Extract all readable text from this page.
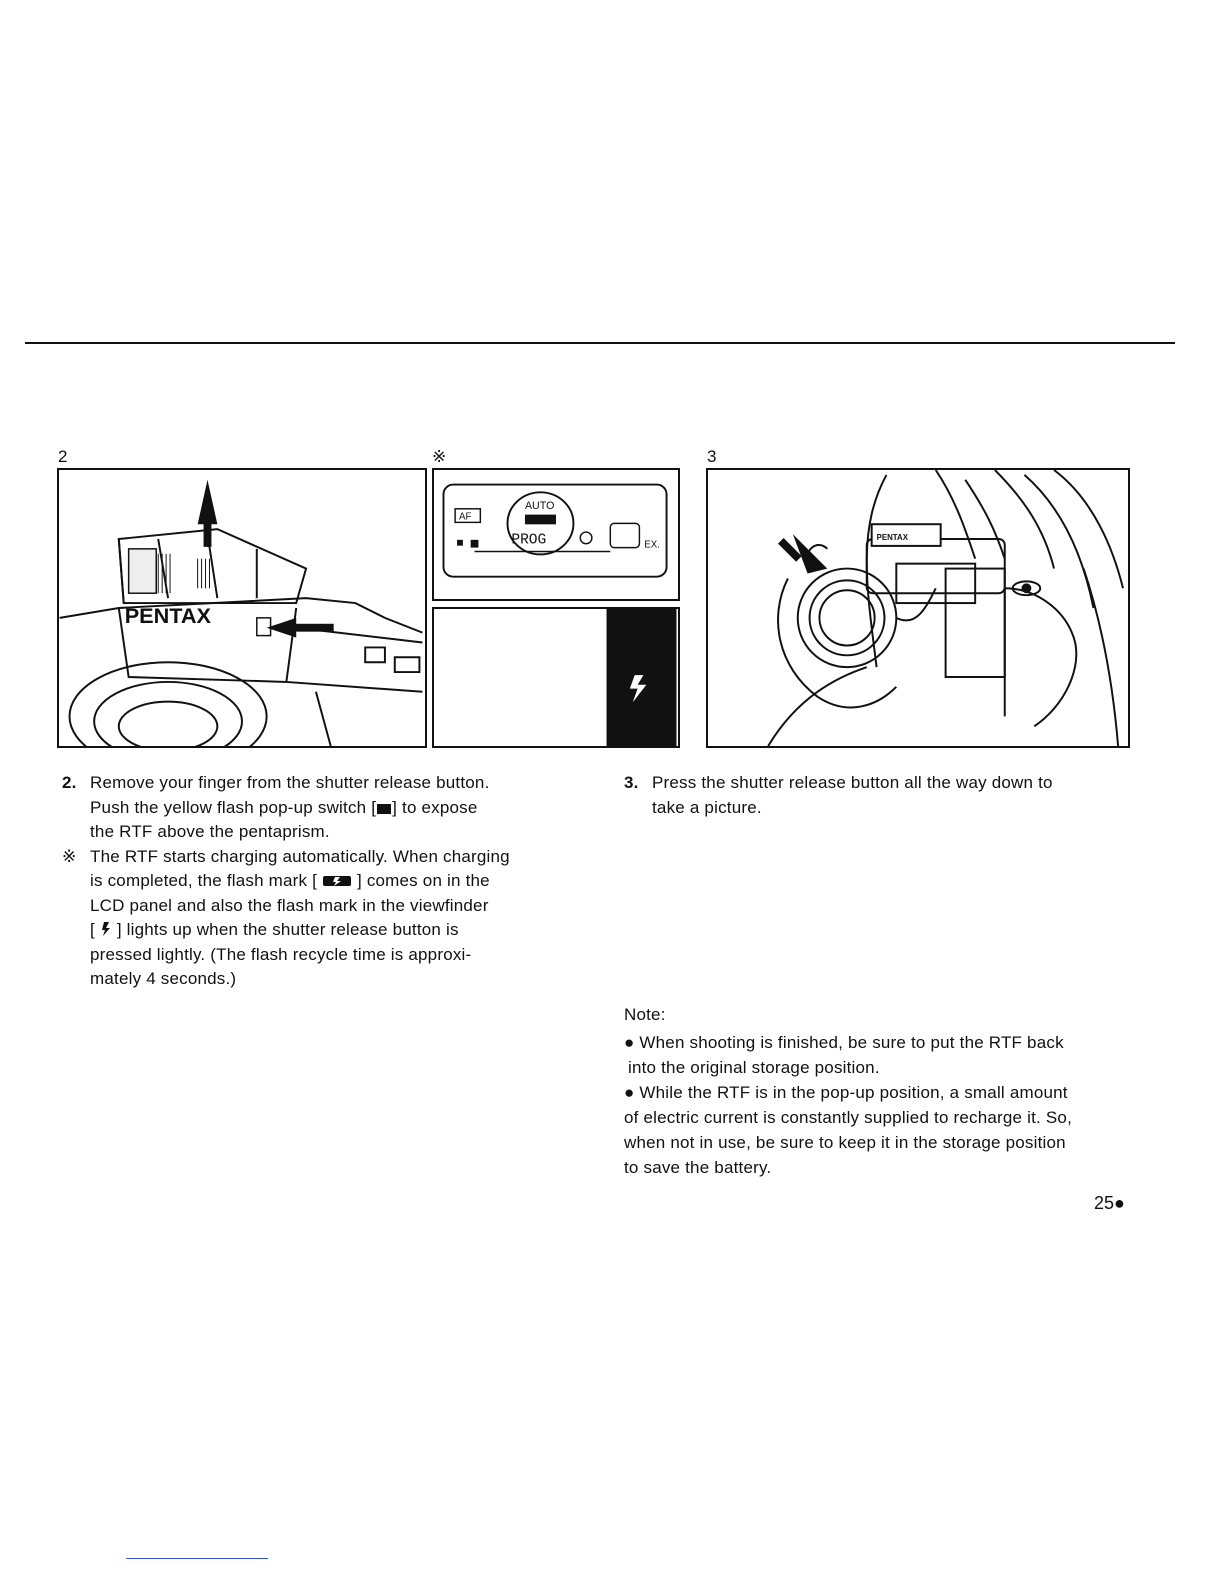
2	※	3
PENTAX
AF
AUTO
PROG	EX.
PENTAX
2. Remove your finger from the shutter release button.
Push the yellow flash pop-up switch [ ] to expose
the RTF above the pentaprism.
※ The RTF starts charging automatically. When charging
is completed, the flash mark [ ] comes on in the
LCD panel and also the flash mark in the viewfinder
[ ] lights up when the shutter release button is
pressed lightly. (The flash recycle time is approxi-
mately 4 seconds.)
3. Press the shutter release button all the way down to
take a picture.
Note:
● When shooting is finished, be sure to put the RTF back
into the original storage position.
● While the RTF is in the pop-up position, a small amount
of electric current is constantly supplied to recharge it. So,
when not in use, be sure to keep it in the storage position
to save the battery.
25●
